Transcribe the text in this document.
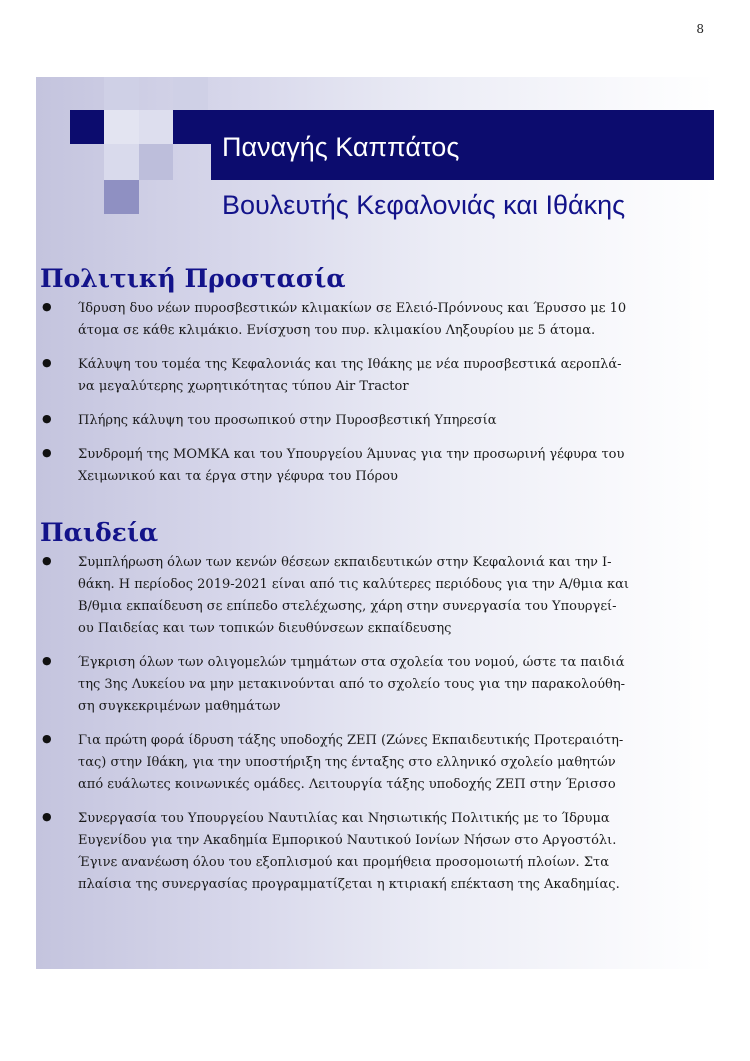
8
Παναγής Καππάτος
Βουλευτής Κεφαλονιάς και Ιθάκης
Πολιτική Προστασία
● Ίδρυση δυο νέων πυροσβεστικών κλιμακίων σε Ελειό-Πρόννους και Έρυσσο με 10
άτομα σε κάθε κλιμάκιο. Ενίσχυση του πυρ. κλιμακίου Ληξουρίου με 5 άτομα.
● Κάλυψη του τομέα της Κεφαλονιάς και της Ιθάκης με νέα πυροσβεστικά αεροπλά-
να μεγαλύτερης χωρητικότητας τύπου Air Tractor
● Πλήρης κάλυψη του προσωπικού στην Πυροσβεστική Υπηρεσία
● Συνδρομή της ΜΟΜΚΑ και του Υπουργείου Άμυνας για την προσωρινή γέφυρα του
Χειμωνικού και τα έργα στην γέφυρα του Πόρου
Παιδεία
● Συμπλήρωση όλων των κενών θέσεων εκπαιδευτικών στην Κεφαλονιά και την Ι-
θάκη. Η περίοδος 2019-2021 είναι από τις καλύτερες περιόδους για την Α/θμια και
Β/θμια εκπαίδευση σε επίπεδο στελέχωσης, χάρη στην συνεργασία του Υπουργεί-
ου Παιδείας και των τοπικών διευθύνσεων εκπαίδευσης
● Έγκριση όλων των ολιγομελών τμημάτων στα σχολεία του νομού, ώστε τα παιδιά
της 3ης Λυκείου να μην μετακινούνται από το σχολείο τους για την παρακολούθη-
ση συγκεκριμένων μαθημάτων
● Για πρώτη φορά ίδρυση τάξης υποδοχής ΖΕΠ (Ζώνες Εκπαιδευτικής Προτεραιότη-
τας) στην Ιθάκη, για την υποστήριξη της ένταξης στο ελληνικό σχολείο μαθητών
από ευάλωτες κοινωνικές ομάδες. Λειτουργία τάξης υποδοχής ΖΕΠ στην Έρισσο
● Συνεργασία του Υπουργείου Ναυτιλίας και Νησιωτικής Πολιτικής με το Ίδρυμα
Ευγενίδου για την Ακαδημία Εμπορικού Ναυτικού Ιονίων Νήσων στο Αργοστόλι.
Έγινε ανανέωση όλου του εξοπλισμού και προμήθεια προσομοιωτή πλοίων. Στα
πλαίσια της συνεργασίας προγραμματίζεται η κτιριακή επέκταση της Ακαδημίας.
